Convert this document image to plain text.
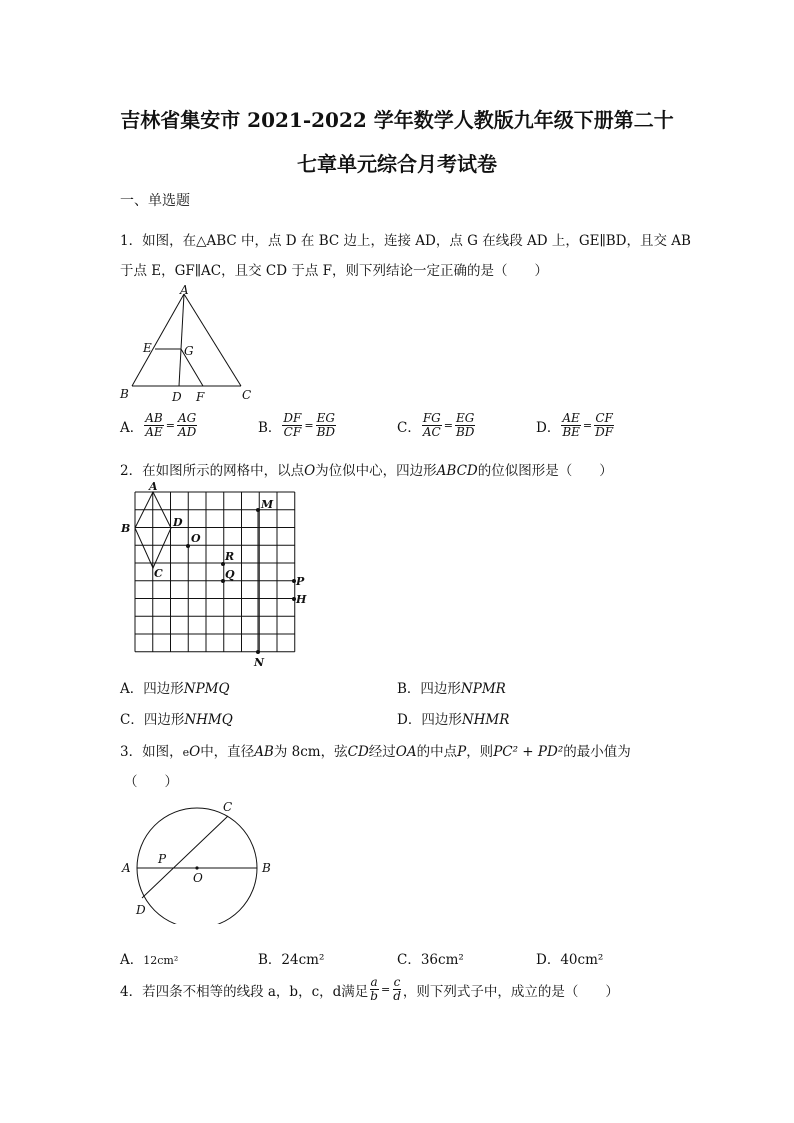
吉林省集安市 2021-2022 学年数学人教版九年级下册第二十
七章单元综合月考试卷
一、单选题
1．如图，在△ABC 中，点 D 在 BC 边上，连接 AD，点 G 在线段 AD 上，GE∥BD，且交 AB
于点 E，GF∥AC，且交 CD 于点 F，则下列结论一定正确的是（　　）
A
B	C
D
E
F
G
A． $\frac{AB}{AE} = \frac{AG}{AD}$	B． $\frac{DF}{CF} = \frac{EG}{BD}$	C． $\frac{FG}{AC} = \frac{EG}{BD}$	D． $\frac{AE}{BE} = \frac{CF}{DF}$
2．在如图所示的网格中，以点O为位似中心，四边形ABCD的位似图形是（　　）
A
B
C
D
O
M
R
Q
P
H
N
A．四边形NPMQ	B．四边形NPMR
C．四边形NHMQ	D．四边形NHMR
3．如图，eO中，直径AB为 8cm，弦CD经过OA的中点P，则PC² + PD²的最小值为
（　　）
A	B
C
D
O
P
A．12cm²	B．24cm²	C．36cm²	D．40cm²
4．若四条不相等的线段 a，b，c，d满足 $\frac{a}{b} = \frac{c}{d}$ ，则下列式子中，成立的是（　　）
